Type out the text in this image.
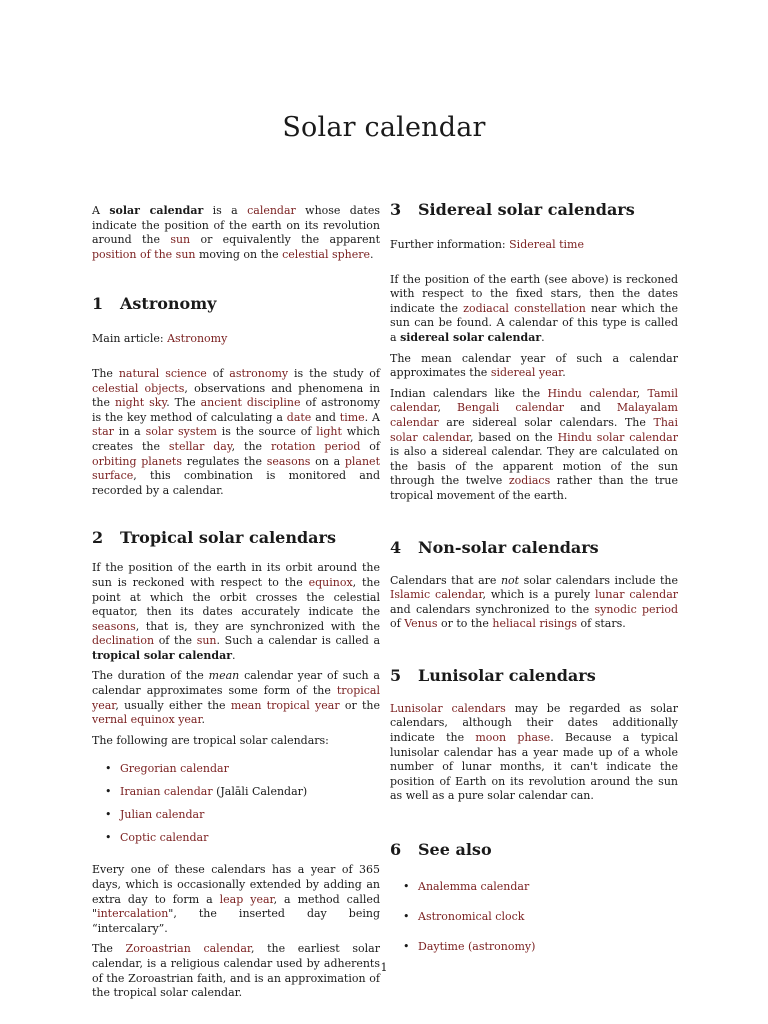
Solar calendar

A solar calendar is a calendar whose dates indicate the position of the earth on its revolution around the sun or equivalently the apparent position of the sun moving on the celestial sphere.

1	Astronomy

Main article: Astronomy

The natural science of astronomy is the study of celestial objects, observations and phenomena in the night sky. The ancient discipline of astronomy is the key method of calculating a date and time. A star in a solar system is the source of light which creates the stellar day, the rotation period of orbiting planets regulates the seasons on a planet surface, this combination is monitored and recorded by a calendar.

2	Tropical solar calendars

If the position of the earth in its orbit around the sun is reckoned with respect to the equinox, the point at which the orbit crosses the celestial equator, then its dates accurately indicate the seasons, that is, they are synchronized with the declination of the sun. Such a calendar is called a tropical solar calendar.

The duration of the mean calendar year of such a calendar approximates some form of the tropical year, usually either the mean tropical year or the vernal equinox year.

The following are tropical solar calendars:

• Gregorian calendar
• Iranian calendar (Jalāli Calendar)
• Julian calendar
• Coptic calendar

Every one of these calendars has a year of 365 days, which is occasionally extended by adding an extra day to form a leap year, a method called "intercalation", the inserted day being “intercalary”.

The Zoroastrian calendar, the earliest solar calendar, is a religious calendar used by adherents of the Zoroastrian faith, and is an approximation of the tropical solar calendar.

3	Sidereal solar calendars

Further information: Sidereal time

If the position of the earth (see above) is reckoned with respect to the fixed stars, then the dates indicate the zodiacal constellation near which the sun can be found. A calendar of this type is called a sidereal solar calendar.

The mean calendar year of such a calendar approximates the sidereal year.

Indian calendars like the Hindu calendar, Tamil calendar, Bengali calendar and Malayalam calendar are sidereal solar calendars. The Thai solar calendar, based on the Hindu solar calendar is also a sidereal calendar. They are calculated on the basis of the apparent motion of the sun through the twelve zodiacs rather than the true tropical movement of the earth.

4	Non-solar calendars

Calendars that are not solar calendars include the Islamic calendar, which is a purely lunar calendar and calendars synchronized to the synodic period of Venus or to the heliacal risings of stars.

5	Lunisolar calendars

Lunisolar calendars may be regarded as solar calendars, although their dates additionally indicate the moon phase. Because a typical lunisolar calendar has a year made up of a whole number of lunar months, it can't indicate the position of Earth on its revolution around the sun as well as a pure solar calendar can.

6	See also
• Analemma calendar
• Astronomical clock
• Daytime (astronomy)
1
